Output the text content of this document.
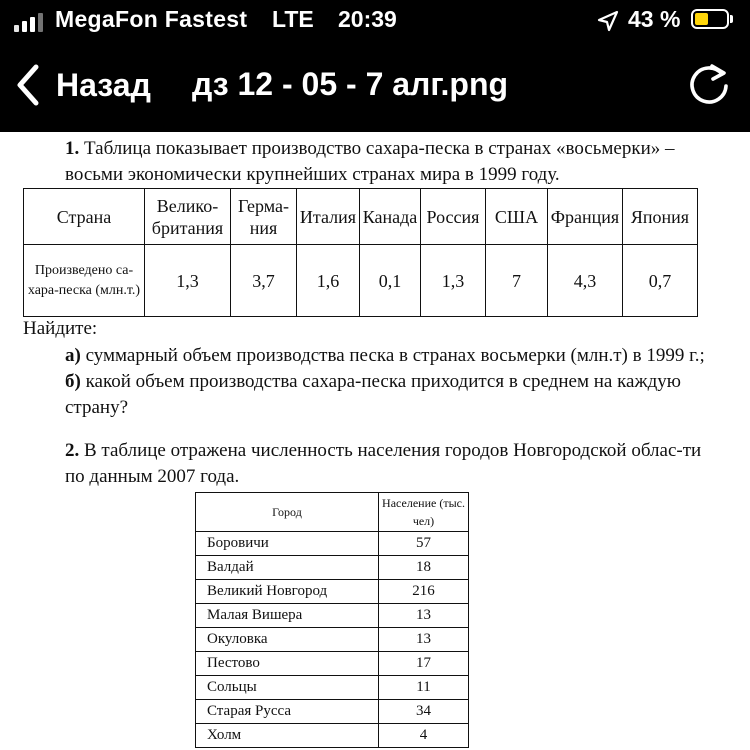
MegaFon Fastest LTE 20:39	43 %
Назад дз 12 - 05 - 7 алг.png
1. Таблица показывает производство сахара-песка в странах «восьмерки» – восьми экономически крупнейших странах мира в 1999 году.
Страна	Велико-британия	Герма-ния	Италия	Канада	Россия	США	Франция	Япония
Произведено са-хара-песка (млн.т.)	1,3	3,7	1,6	0,1	1,3	7	4,3	0,7
Найдите:
а) суммарный объем производства песка в странах восьмерки (млн.т) в 1999 г.;
б) какой объем производства сахара-песка приходится в среднем на каждую страну?
2. В таблице отражена численность населения городов Новгородской облас-ти по данным 2007 года.
Город	Население (тыс. чел)
Боровичи	57
Валдай	18
Великий Новгород	216
Малая Вишера	13
Окуловка	13
Пестово	17
Сольцы	11
Старая Русса	34
Холм	4
